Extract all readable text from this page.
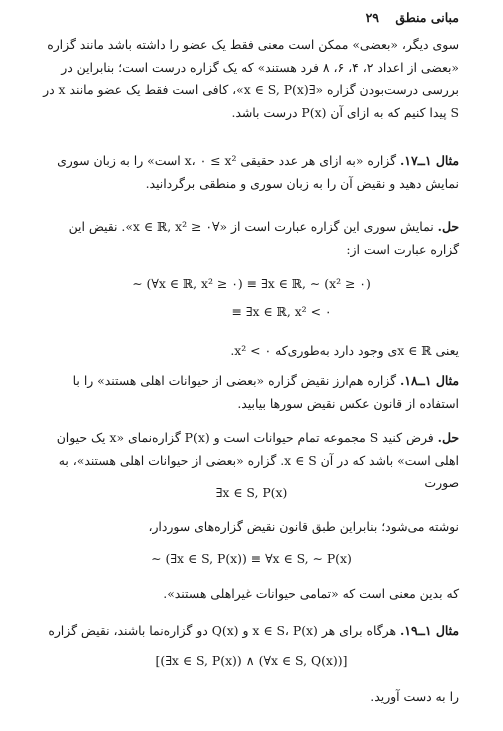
مبانی منطق
۲۹

سوی دیگر، «بعضی» ممکن است معنی فقط یک عضو را داشته باشد مانند گزاره «بعضی از اعداد ۲، ۴، ۶، ۸ فرد هستند» که یک گزاره درست است؛ بنابراین در بررسی درست‌بودن گزاره «∃x ∈ S, P(x)»، کافی است فقط یک عضو مانند x در S پیدا کنیم که به ازای آن P(x) درست باشد.

مثال ۱ــ۱۷. گزاره «به ازای هر عدد حقیقی x، ۰ ≤ x² است» را به زبان سوری نمایش دهید و نقیض آن را به زبان سوری و منطقی برگردانید.

حل. نمایش سوری این گزاره عبارت است از «∀x ∈ ℝ, x² ≥ ۰». نقیض این گزاره عبارت است از:

∼ (∀x ∈ ℝ, x² ≥ ۰) ≡ ∃x ∈ ℝ, ∼ (x² ≥ ۰)
≡ ∃x ∈ ℝ, x² < ۰

یعنی x ∈ ℝ‌ی وجود دارد به‌طوری‌که x² < ۰.

مثال ۱ــ۱۸. گزاره هم‌ارز نقیض گزاره «بعضی از حیوانات اهلی هستند» را با استفاده از قانون عکس نقیض سورها بیابید.

حل. فرض کنید S مجموعه تمام حیوانات است و P(x) گزاره‌نمای «x یک حیوان اهلی است» باشد که در آن x ∈ S. گزاره «بعضی از حیوانات اهلی هستند»، به صورت

∃x ∈ S, P(x)

نوشته می‌شود؛ بنابراین طبق قانون نقیض گزاره‌های سوردار،

∼ (∃x ∈ S, P(x)) ≡ ∀x ∈ S, ∼ P(x)

که بدین معنی است که «تمامی حیوانات غیراهلی هستند».

مثال ۱ــ۱۹. هرگاه برای هر x ∈ S، P(x) و Q(x) دو گزاره‌نما باشند، نقیض گزاره

[(∃x ∈ S, P(x)) ∧ (∀x ∈ S, Q(x))]

را به دست آورید.
